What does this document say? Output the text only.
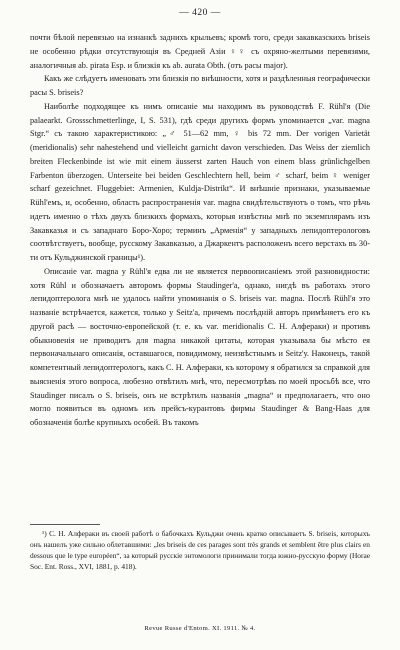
— 420 —

почти бѣлой перевязью на изнанкѣ заднихъ крыльевъ; кромѣ того, среди закавказскихъ briseis не особенно рѣдки отсутствующія въ Средней Азіи ♀♀ съ охряно-желтыми перевязями, аналогичныя ab. pirata Esp. и близкія къ ab. aurata Obth. (отъ расы major).

Какъ же слѣдуетъ именовать эти близкія по внѣшности, хотя и раздѣленныя географически расы S. briseis?

Наиболѣе подходящее къ нимъ описаніе мы находимъ въ руководствѣ F. Rühl'я (Die palaearkt. Grossschmetterlinge, I, S. 531), гдѣ среди другихъ формъ упоминается „var. magna Stgr.“ съ такою характеристикою: „♂ 51—62 mm, ♀ bis 72 mm. Der vorigen Varietät (meridionalis) sehr nahestehend und vielleicht garnicht davon verschieden. Das Weiss der ziemlich breiten Fleckenbinde ist wie mit einem äusserst zarten Hauch von einem blass grünlichgelben Farbenton überzogen. Unterseite bei beiden Geschlechtern hell, beim ♂ scharf, beim ♀ weniger scharf gezeichnet. Fluggebiet: Armenien, Kuldja-Distrikt“. И внѣшніе признаки, указываемые Rühl'емъ, и, особенно, область распространенія var. magna свидѣтельствуютъ о томъ, что рѣчь идетъ именно о тѣхъ двухъ близкихъ формахъ, которыя извѣстны мнѣ по экземплярамъ изъ Закавказья и съ западнаго Боро-Хоро; терминъ „Арменія“ у западныхъ лепидоптерологовъ соотвѣтствуетъ, вообще, русскому Закавказью, а Джаркентъ расположенъ всего верстахъ въ 30-ти отъ Кульджинской границы¹).

Описаніе var. magna у Rühl'я едва ли не является первоописаніемъ этой разновидности: хотя Rühl и обозначаетъ авторомъ формы Staudinger'а, однако, нигдѣ въ работахъ этого лепидоптеролога мнѣ не удалось найти упоминанія о S. briseis var. magna. Послѣ Rühl'я это названіе встрѣчается, кажется, только у Seitz'а, причемъ послѣдній авторъ примѣняетъ его къ другой расѣ — восточно-европейской (т. е. къ var. meridionalis С. Н. Алфераки) и противъ обыкновенія не приводитъ для magna никакой цитаты, которая указывала бы мѣсто ея первоначальнаго описанія, оставшагося, повидимому, неизвѣстнымъ и Seitz'у. Наконецъ, такой компетентный лепидоптерологъ, какъ С. Н. Алфераки, къ которому я обратился за справкой для выясненія этого вопроса, любезно отвѣтилъ мнѣ, что, пересмотрѣвъ по моей просьбѣ все, что Staudinger писалъ о S. briseis, онъ не встрѣтилъ названія „magna“ и предполагаетъ, что оно могло появиться въ одномъ изъ прейсъ-курантовъ фирмы Staudinger & Bang-Haas для обозначенія болѣе крупныхъ особей. Въ такомъ

¹) С. Н. Алфераки въ своей работѣ о бабочкахъ Кульджи очень кратко описываетъ S. briseis, которыхъ онъ нашелъ уже сильно облетавшими: „les briseis de ces parages sont très grands et semblent être plus clairs en dessous que le type européen“, за который русскіе энтомологи принимали тогда южно-русскую форму (Horae Soc. Ent. Ross., XVI, 1881, p. 418).

Revue Russe d'Entom. XI. 1911. № 4.
